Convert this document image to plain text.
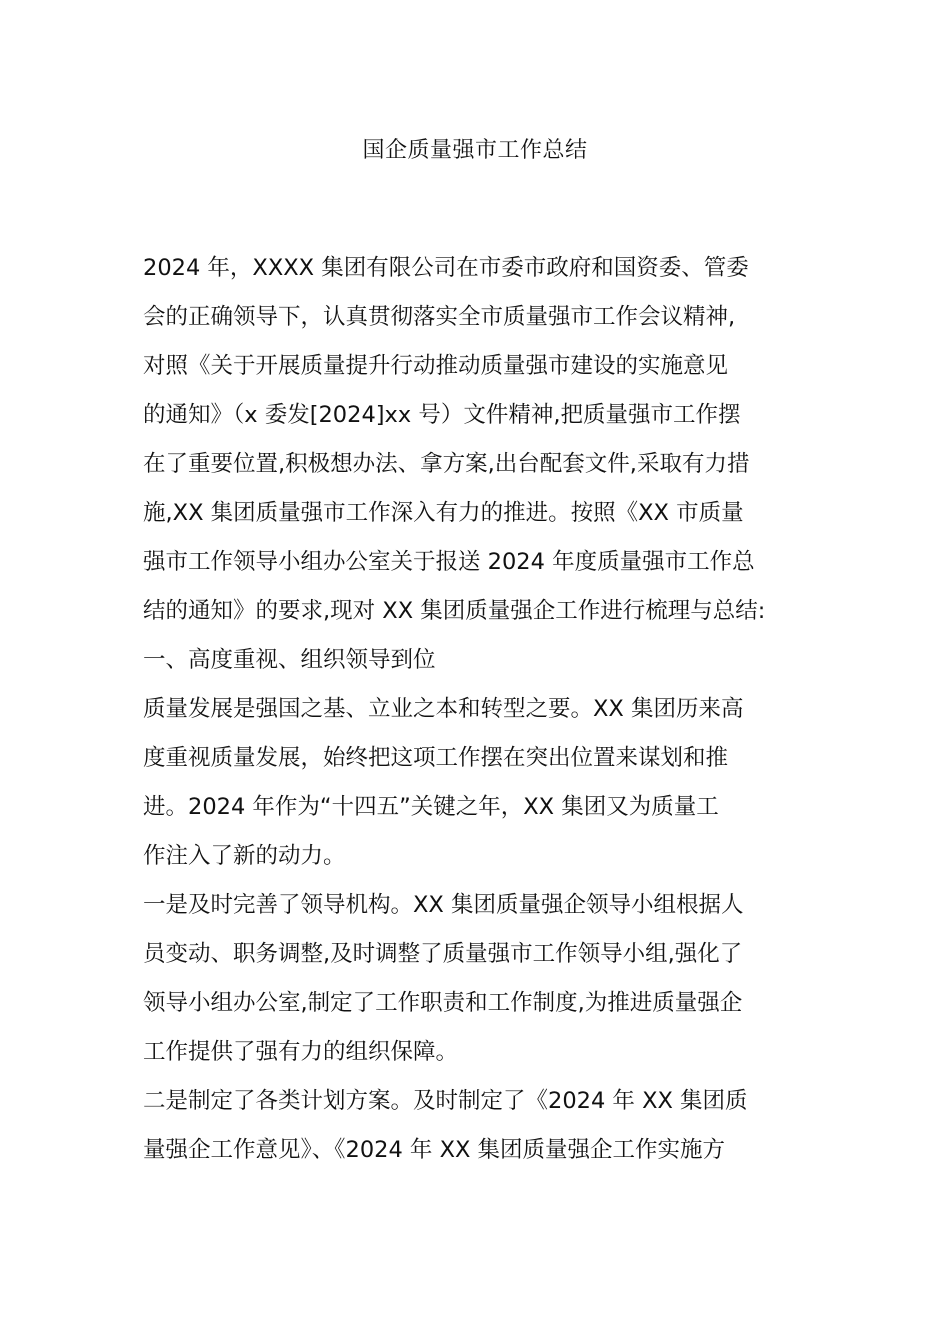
国企质量强市工作总结
2024 年，XXXX 集团有限公司在市委市政府和国资委、管委
会的正确领导下，认真贯彻落实全市质量强市工作会议精神,
对照《关于开展质量提升行动推动质量强市建设的实施意见
的通知》（x 委发[2024]xx 号）文件精神,把质量强市工作摆
在了重要位置,积极想办法、拿方案,出台配套文件,采取有力措
施,XX 集团质量强市工作深入有力的推进。按照《XX 市质量
强市工作领导小组办公室关于报送 2024 年度质量强市工作总
结的通知》的要求,现对 XX 集团质量强企工作进行梳理与总结:
一、高度重视、组织领导到位
质量发展是强国之基、立业之本和转型之要。XX 集团历来高
度重视质量发展，始终把这项工作摆在突出位置来谋划和推
进。2024 年作为“十四五”关键之年，XX 集团又为质量工
作注入了新的动力。
一是及时完善了领导机构。XX 集团质量强企领导小组根据人
员变动、职务调整,及时调整了质量强市工作领导小组,强化了
领导小组办公室,制定了工作职责和工作制度,为推进质量强企
工作提供了强有力的组织保障。
二是制定了各类计划方案。及时制定了《2024 年 XX 集团质
量强企工作意见》、《2024 年 XX 集团质量强企工作实施方
